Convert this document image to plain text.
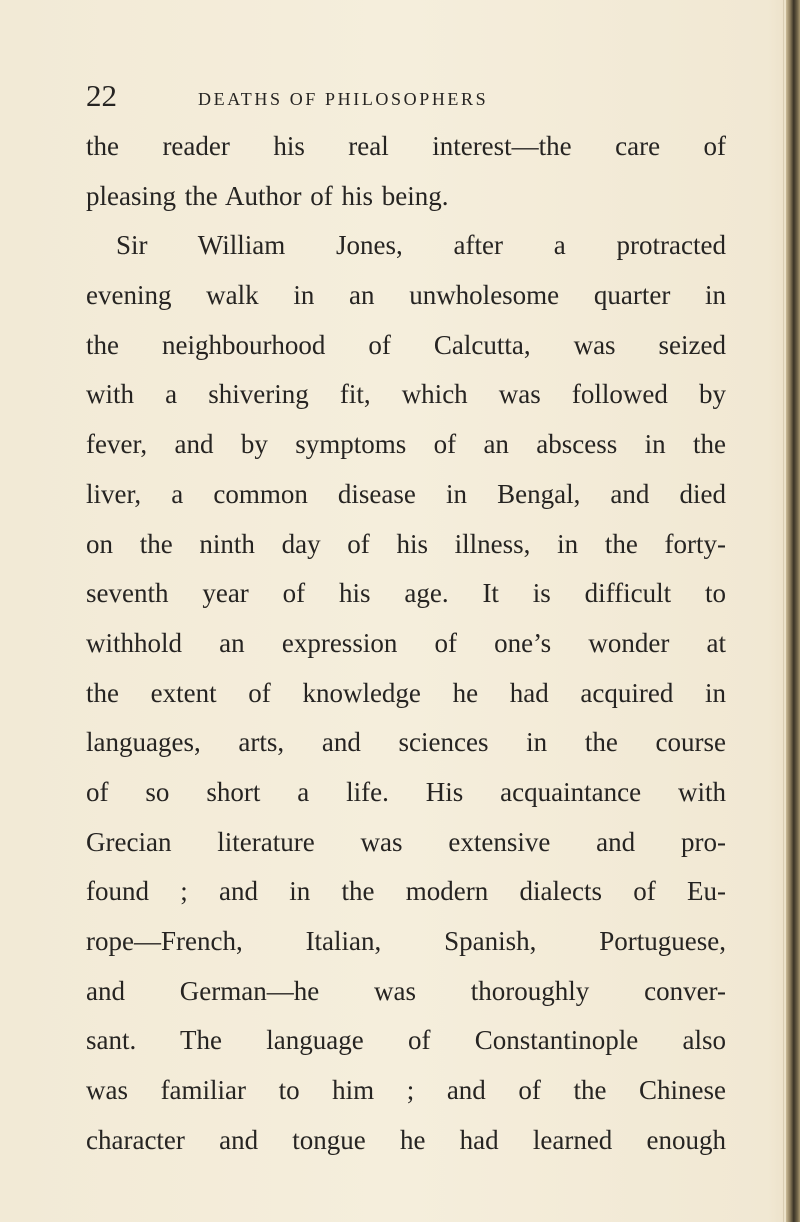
22	DEATHS OF PHILOSOPHERS
the reader his real interest—the care of
pleasing the Author of his being.
Sir William Jones, after a protracted
evening walk in an unwholesome quarter in
the neighbourhood of Calcutta, was seized
with a shivering fit, which was followed by
fever, and by symptoms of an abscess in the
liver, a common disease in Bengal, and died
on the ninth day of his illness, in the forty-
seventh year of his age. It is difficult to
withhold an expression of one’s wonder at
the extent of knowledge he had acquired in
languages, arts, and sciences in the course
of so short a life. His acquaintance with
Grecian literature was extensive and pro-
found ; and in the modern dialects of Eu-
rope—French, Italian, Spanish, Portuguese,
and German—he was thoroughly conver-
sant. The language of Constantinople also
was familiar to him ; and of the Chinese
character and tongue he had learned enough
